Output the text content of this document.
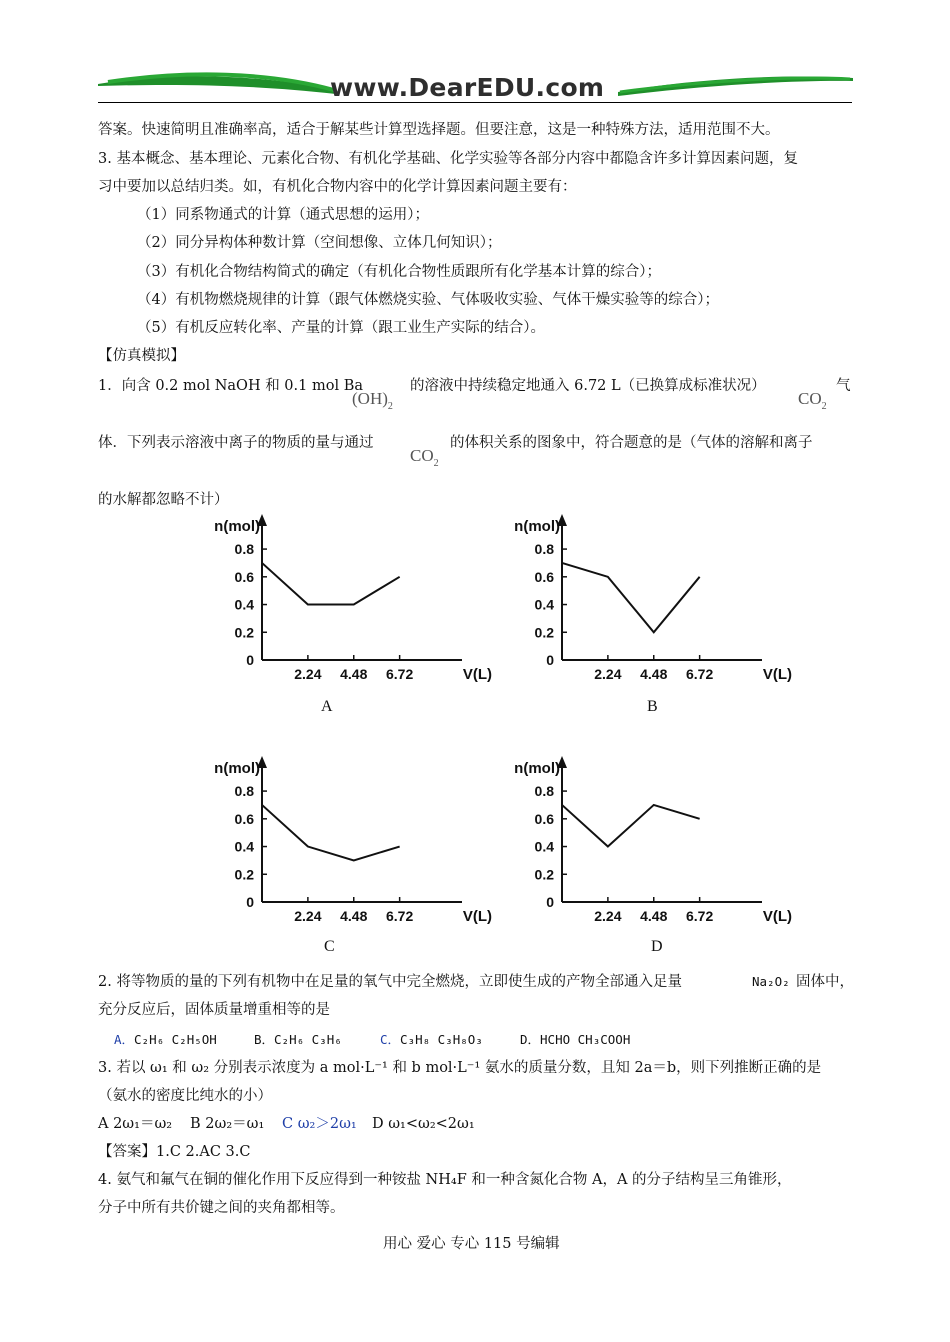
www.DearEDU.com
答案。快速简明且准确率高，适合于解某些计算型选择题。但要注意，这是一种特殊方法，适用范围不大。
3. 基本概念、基本理论、元素化合物、有机化学基础、化学实验等各部分内容中都隐含许多计算因素问题，复
习中要加以总结归类。如，有机化合物内容中的化学计算因素问题主要有：
（1）同系物通式的计算（通式思想的运用）；
（2）同分异构体种数计算（空间想像、立体几何知识）；
（3）有机化合物结构简式的确定（有机化合物性质跟所有化学基本计算的综合）；
（4）有机物燃烧规律的计算（跟气体燃烧实验、气体吸收实验、气体干燥实验等的综合）；
（5）有机反应转化率、产量的计算（跟工业生产实际的结合）。
【仿真模拟】
1．向含 0.2 mol NaOH 和 0.1 mol Ba
$(OH)_2$
的溶液中持续稳定地通入 6.72 L（已换算成标准状况）
$CO_2$
气
体．下列表示溶液中离子的物质的量与通过
$CO_2$
的体积关系的图象中，符合题意的是（气体的溶解和离子
的水解都忽略不计）
0.8
0.6
0.4
0.2
0
2.24 4.48 6.72
n(mol)
V(L)
0.8
0.6
0.4
0.2
0
2.24 4.48 6.72
n(mol)
V(L)
0.8
0.6
0.4
0.2
0
2.24 4.48 6.72
n(mol)
V(L)
0.8
0.6
0.4
0.2
0
2.24 4.48 6.72
n(mol)
V(L)
A	B
C	D
2. 将等物质的量的下列有机物中在足量的氧气中完全燃烧，立即使生成的产物全部通入足量	Na₂O₂ 固体中，
充分反应后，固体质量增重相等的是
A．C₂H₆ C₂H₅OH	B．C₂H₆ C₃H₆	C．C₃H₈ C₃H₈O₃	D．HCHO CH₃COOH
3. 若以 ω₁ 和 ω₂ 分别表示浓度为 a mol·L⁻¹ 和 b mol·L⁻¹ 氨水的质量分数，且知 2a＝b，则下列推断正确的是
（氨水的密度比纯水的小）
A 2ω₁＝ω₂ B 2ω₂＝ω₁ C ω₂＞2ω₁ D ω₁<ω₂<2ω₁
【答案】1.C 2.AC 3.C
4. 氨气和氟气在铜的催化作用下反应得到一种铵盐 NH₄F 和一种含氮化合物 A，A 的分子结构呈三角锥形，
分子中所有共价键之间的夹角都相等。
用心 爱心 专心 115 号编辑
